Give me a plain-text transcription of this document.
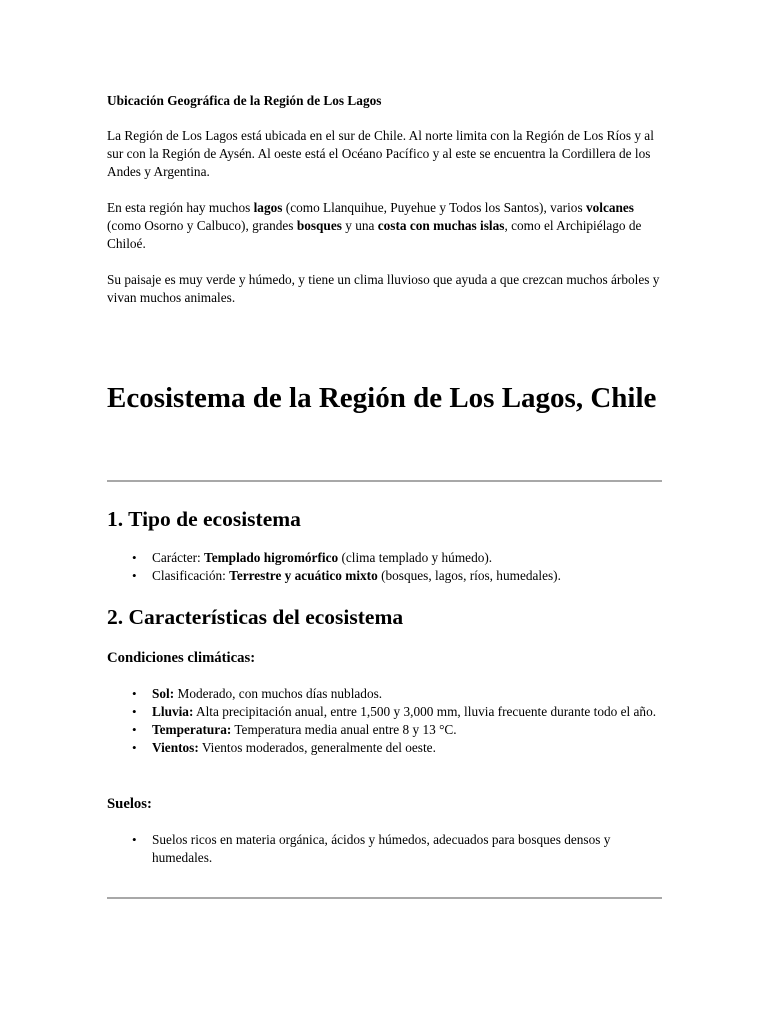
Ubicación Geográfica de la Región de Los Lagos

La Región de Los Lagos está ubicada en el sur de Chile. Al norte limita con la Región de Los Ríos y al sur con la Región de Aysén. Al oeste está el Océano Pacífico y al este se encuentra la Cordillera de los Andes y Argentina.

En esta región hay muchos lagos (como Llanquihue, Puyehue y Todos los Santos), varios volcanes (como Osorno y Calbuco), grandes bosques y una costa con muchas islas, como el Archipiélago de Chiloé.

Su paisaje es muy verde y húmedo, y tiene un clima lluvioso que ayuda a que crezcan muchos árboles y vivan muchos animales.

Ecosistema de la Región de Los Lagos, Chile
1. Tipo de ecosistema
• Carácter: Templado higromórfico (clima templado y húmedo).
• Clasificación: Terrestre y acuático mixto (bosques, lagos, ríos, humedales).
2. Características del ecosistema
Condiciones climáticas:
• Sol: Moderado, con muchos días nublados.
• Lluvia: Alta precipitación anual, entre 1,500 y 3,000 mm, lluvia frecuente durante todo el año.
• Temperatura: Temperatura media anual entre 8 y 13 °C.
• Vientos: Vientos moderados, generalmente del oeste.
Suelos:
• Suelos ricos en materia orgánica, ácidos y húmedos, adecuados para bosques densos y humedales.
